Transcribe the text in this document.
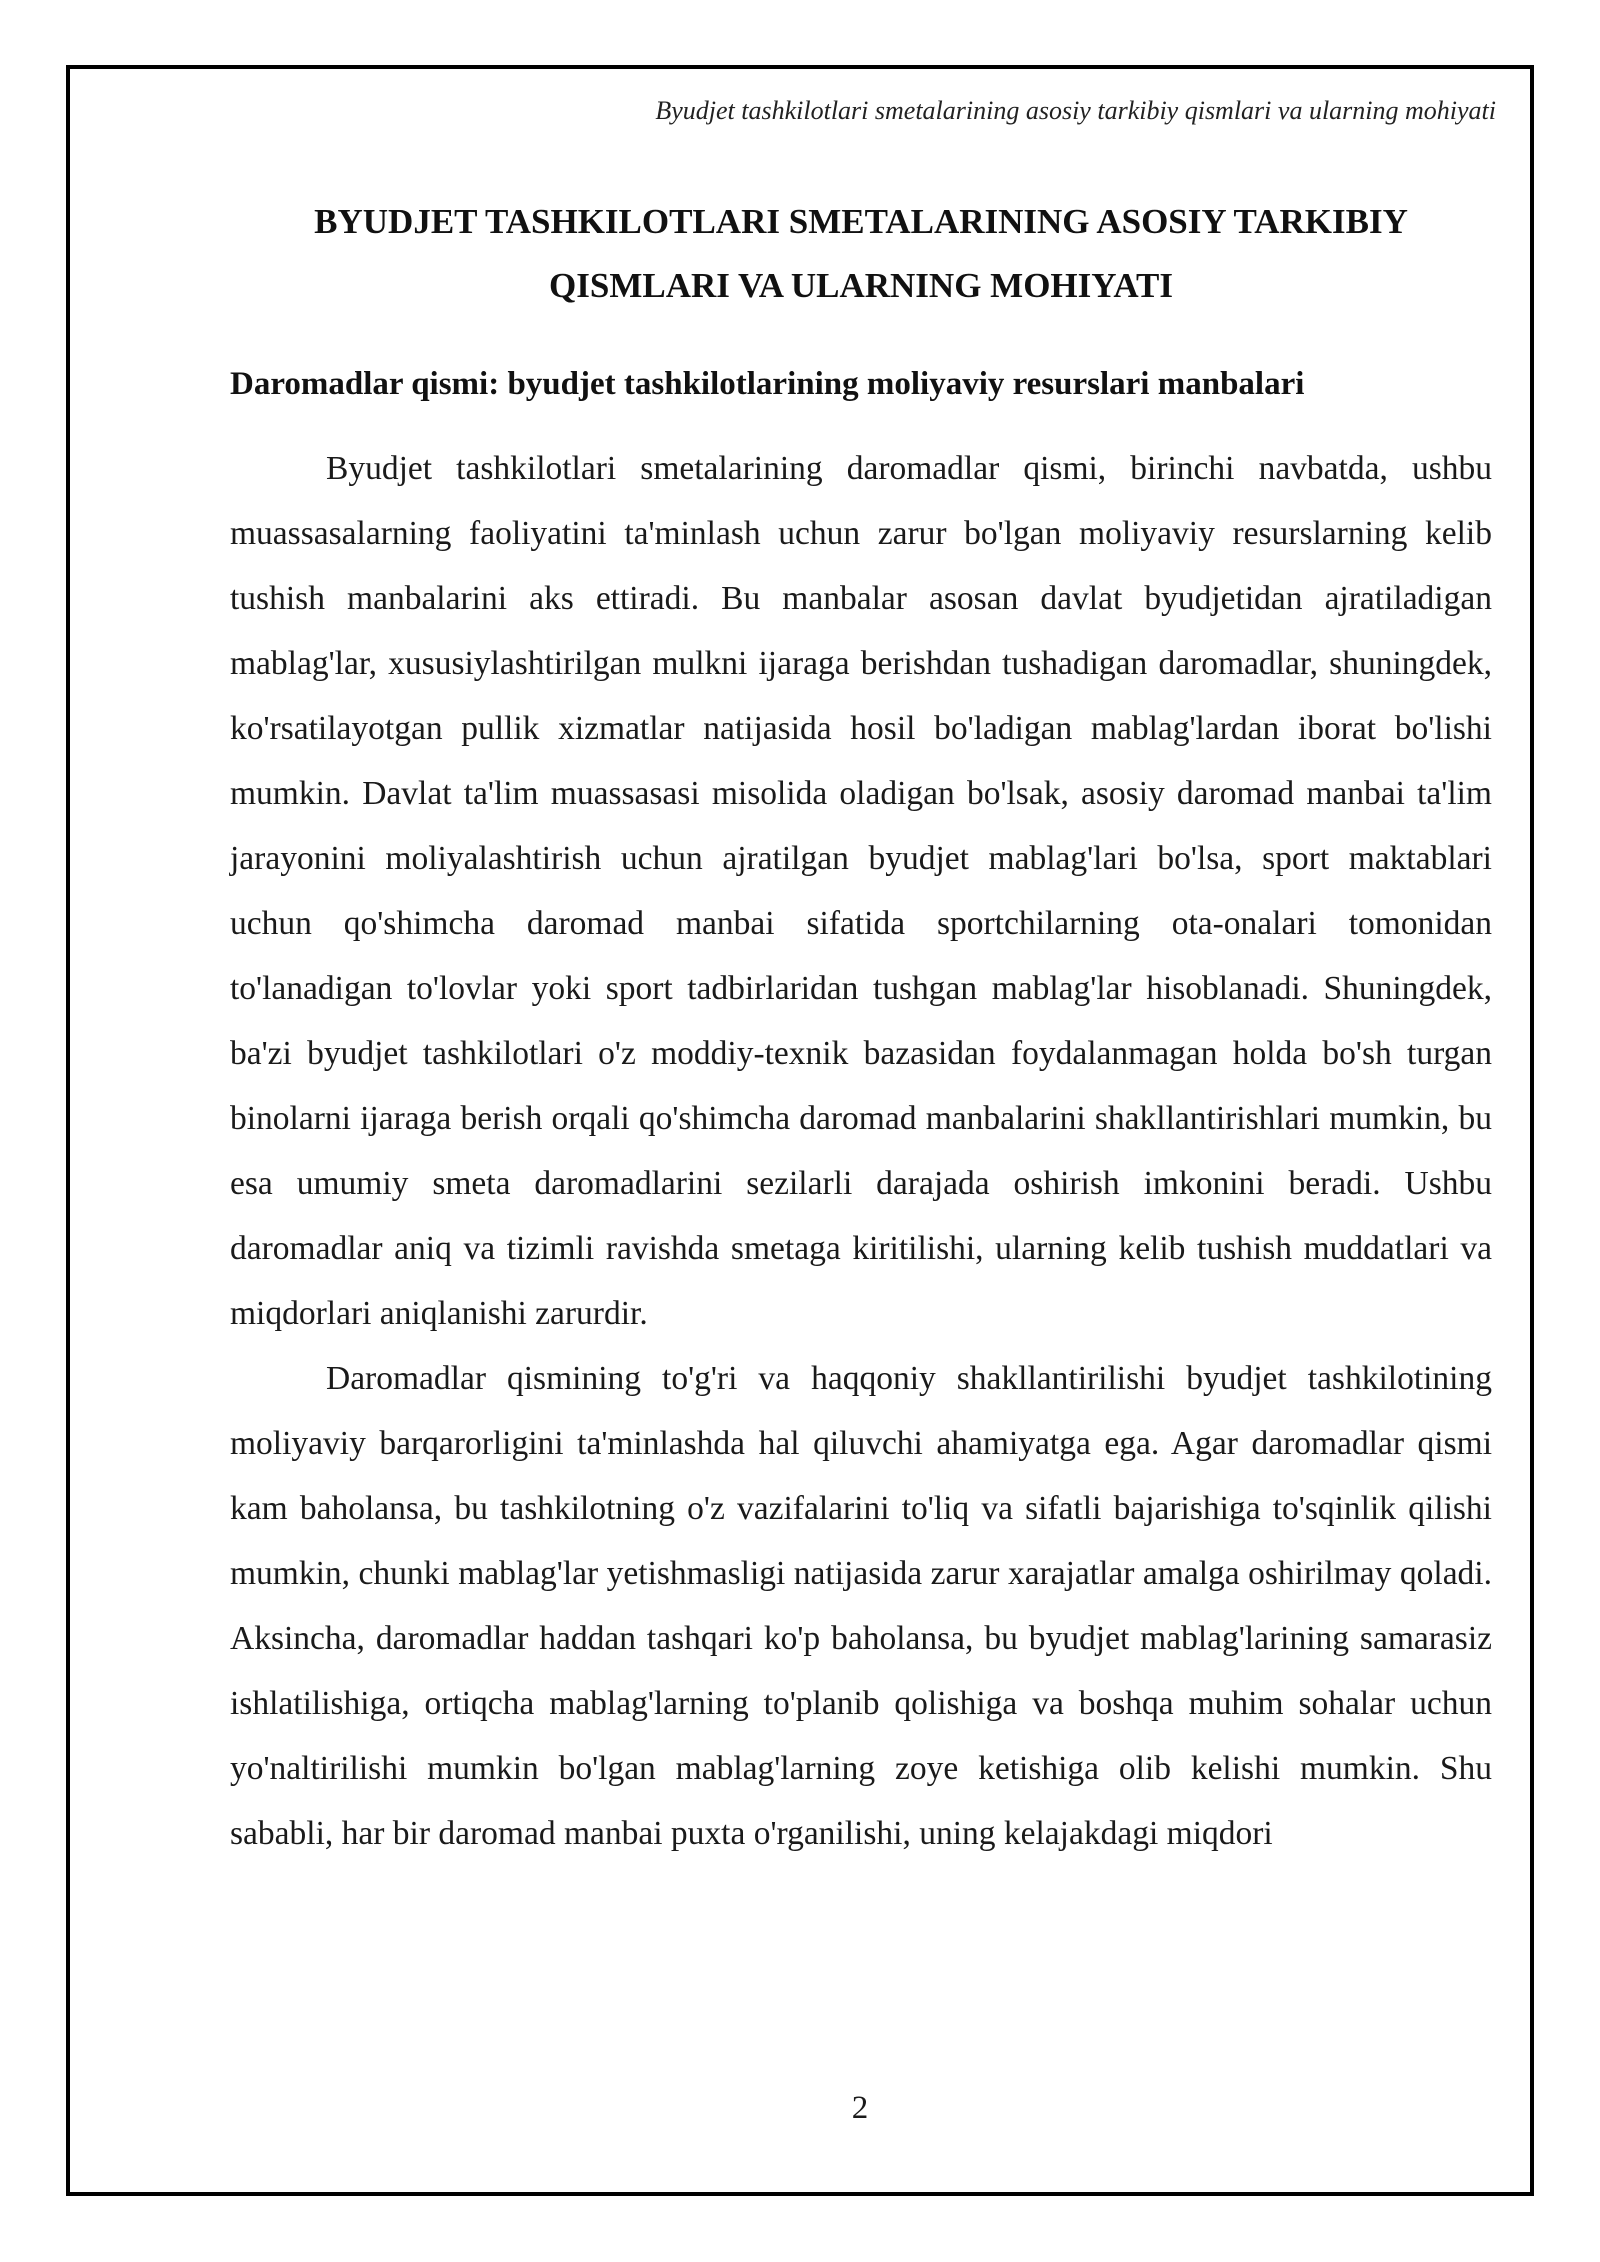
Byudjet tashkilotlari smetalarining asosiy tarkibiy qismlari va ularning mohiyati
BYUDJET TASHKILOTLARI SMETALARINING ASOSIY TARKIBIY
QISMLARI VA ULARNING MOHIYATI
Daromadlar qismi: byudjet tashkilotlarining moliyaviy resurslari manbalari

Byudjet tashkilotlari smetalarining daromadlar qismi, birinchi navbatda, ushbu muassasalarning faoliyatini ta'minlash uchun zarur bo'lgan moliyaviy resurslarning kelib tushish manbalarini aks ettiradi. Bu manbalar asosan davlat byudjetidan ajratiladigan mablag'lar, xususiylashtirilgan mulkni ijaraga berishdan tushadigan daromadlar, shuningdek, ko'rsatilayotgan pullik xizmatlar natijasida hosil bo'ladigan mablag'lardan iborat bo'lishi mumkin. Davlat ta'lim muassasasi misolida oladigan bo'lsak, asosiy daromad manbai ta'lim jarayonini moliyalashtirish uchun ajratilgan byudjet mablag'lari bo'lsa, sport maktablari uchun qo'shimcha daromad manbai sifatida sportchilarning ota-onalari tomonidan to'lanadigan to'lovlar yoki sport tadbirlaridan tushgan mablag'lar hisoblanadi. Shuningdek, ba'zi byudjet tashkilotlari o'z moddiy-texnik bazasidan foydalanmagan holda bo'sh turgan binolarni ijaraga berish orqali qo'shimcha daromad manbalarini shakllantirishlari mumkin, bu esa umumiy smeta daromadlarini sezilarli darajada oshirish imkonini beradi. Ushbu daromadlar aniq va tizimli ravishda smetaga kiritilishi, ularning kelib tushish muddatlari va miqdorlari aniqlanishi zarurdir.

Daromadlar qismining to'g'ri va haqqoniy shakllantirilishi byudjet tashkilotining moliyaviy barqarorligini ta'minlashda hal qiluvchi ahamiyatga ega. Agar daromadlar qismi kam baholansa, bu tashkilotning o'z vazifalarini to'liq va sifatli bajarishiga to'sqinlik qilishi mumkin, chunki mablag'lar yetishmasligi natijasida zarur xarajatlar amalga oshirilmay qoladi. Aksincha, daromadlar haddan tashqari ko'p baholansa, bu byudjet mablag'larining samarasiz ishlatilishiga, ortiqcha mablag'larning to'planib qolishiga va boshqa muhim sohalar uchun yo'naltirilishi mumkin bo'lgan mablag'larning zoye ketishiga olib kelishi mumkin. Shu sababli, har bir daromad manbai puxta o'rganilishi, uning kelajakdagi miqdori

2
